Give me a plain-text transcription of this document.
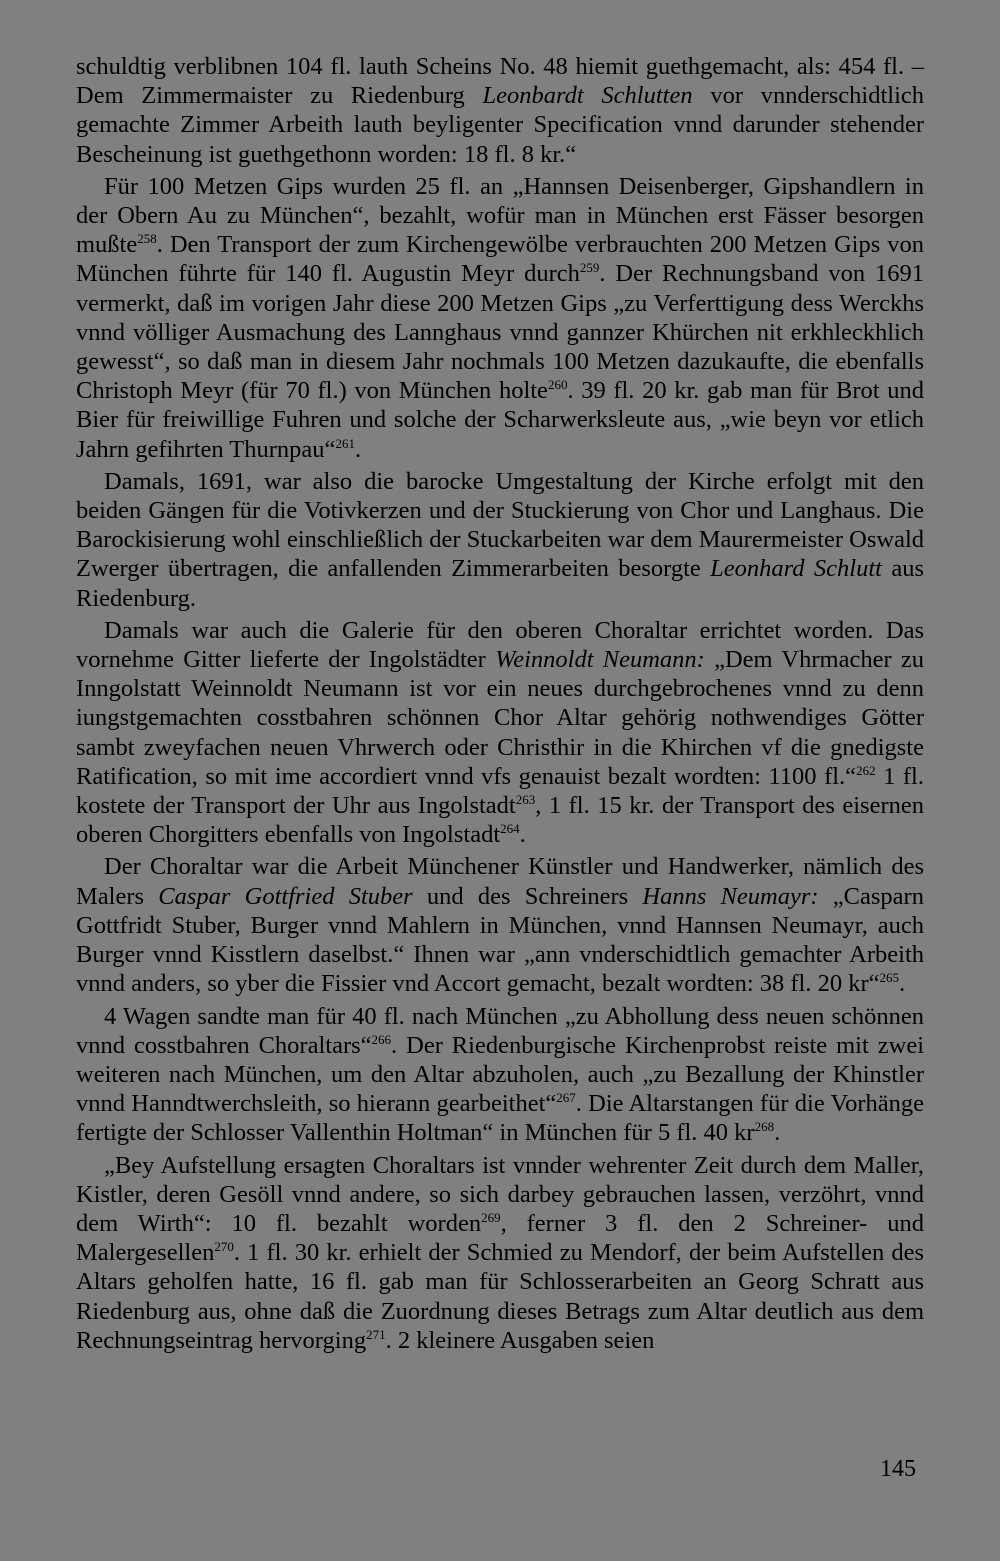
schuldtig verblibnen 104 fl. lauth Scheins No. 48 hiemit guethgemacht, als: 454 fl. – Dem Zimmermaister zu Riedenburg Leonbardt Schlutten vor vnnderschidtlich gemachte Zimmer Arbeith lauth beyligenter Specification vnnd darunder stehender Bescheinung ist guethgethonn worden: 18 fl. 8 kr.“

Für 100 Metzen Gips wurden 25 fl. an „Hannsen Deisenberger, Gipshandlern in der Obern Au zu München“, bezahlt, wofür man in München erst Fässer besorgen mußte$^{258}$. Den Transport der zum Kirchengewölbe verbrauchten 200 Metzen Gips von München führte für 140 fl. Augustin Meyr durch$^{259}$. Der Rechnungsband von 1691 vermerkt, daß im vorigen Jahr diese 200 Metzen Gips „zu Verferttigung dess Werckhs vnnd völliger Ausmachung des Lannghaus vnnd gannzer Khürchen nit erkhleckhlich gewesst“, so daß man in diesem Jahr nochmals 100 Metzen dazukaufte, die ebenfalls Christoph Meyr (für 70 fl.) von München holte$^{260}$. 39 fl. 20 kr. gab man für Brot und Bier für freiwillige Fuhren und solche der Scharwerksleute aus, „wie beyn vor etlich Jahrn gefihrten Thurnpau“$^{261}$.

Damals, 1691, war also die barocke Umgestaltung der Kirche erfolgt mit den beiden Gängen für die Votivkerzen und der Stuckierung von Chor und Langhaus. Die Barockisierung wohl einschließlich der Stuckarbeiten war dem Maurermeister Oswald Zwerger übertragen, die anfallenden Zimmerarbeiten besorgte Leonhard Schlutt aus Riedenburg.

Damals war auch die Galerie für den oberen Choraltar errichtet worden. Das vornehme Gitter lieferte der Ingolstädter Weinnoldt Neumann: „Dem Vhrmacher zu Inngolstatt Weinnoldt Neumann ist vor ein neues durchgebrochenes vnnd zu denn iungstgemachten cosstbahren schönnen Chor Altar gehörig nothwendiges Götter sambt zweyfachen neuen Vhrwerch oder Christhir in die Khirchen vf die gnedigste Ratification, so mit ime accordiert vnnd vfs genauist bezalt wordten: 1100 fl.“$^{262}$ 1 fl. kostete der Transport der Uhr aus Ingolstadt$^{263}$, 1 fl. 15 kr. der Transport des eisernen oberen Chorgitters ebenfalls von Ingolstadt$^{264}$.

Der Choraltar war die Arbeit Münchener Künstler und Handwerker, nämlich des Malers Caspar Gottfried Stuber und des Schreiners Hanns Neumayr: „Casparn Gottfridt Stuber, Burger vnnd Mahlern in München, vnnd Hannsen Neumayr, auch Burger vnnd Kisstlern daselbst.“ Ihnen war „ann vnderschidtlich gemachter Arbeith vnnd anders, so yber die Fissier vnd Accort gemacht, bezalt wordten: 38 fl. 20 kr“$^{265}$.

4 Wagen sandte man für 40 fl. nach München „zu Abhollung dess neuen schönnen vnnd cosstbahren Choraltars“$^{266}$. Der Riedenburgische Kirchenprobst reiste mit zwei weiteren nach München, um den Altar abzuholen, auch „zu Bezallung der Khinstler vnnd Hanndtwerchsleith, so hierann gearbeithet“$^{267}$. Die Altarstangen für die Vorhänge fertigte der Schlosser Vallenthin Holtman“ in München für 5 fl. 40 kr$^{268}$.

„Bey Aufstellung ersagten Choraltars ist vnnder wehrenter Zeit durch dem Maller, Kistler, deren Gesöll vnnd andere, so sich darbey gebrauchen lassen, verzöhrt, vnnd dem Wirth“: 10 fl. bezahlt worden$^{269}$, ferner 3 fl. den 2 Schreiner- und Malergesellen$^{270}$. 1 fl. 30 kr. erhielt der Schmied zu Mendorf, der beim Aufstellen des Altars geholfen hatte, 16 fl. gab man für Schlosserarbeiten an Georg Schratt aus Riedenburg aus, ohne daß die Zuordnung dieses Betrags zum Altar deutlich aus dem Rechnungseintrag hervorging$^{271}$. 2 kleinere Ausgaben seien

145
